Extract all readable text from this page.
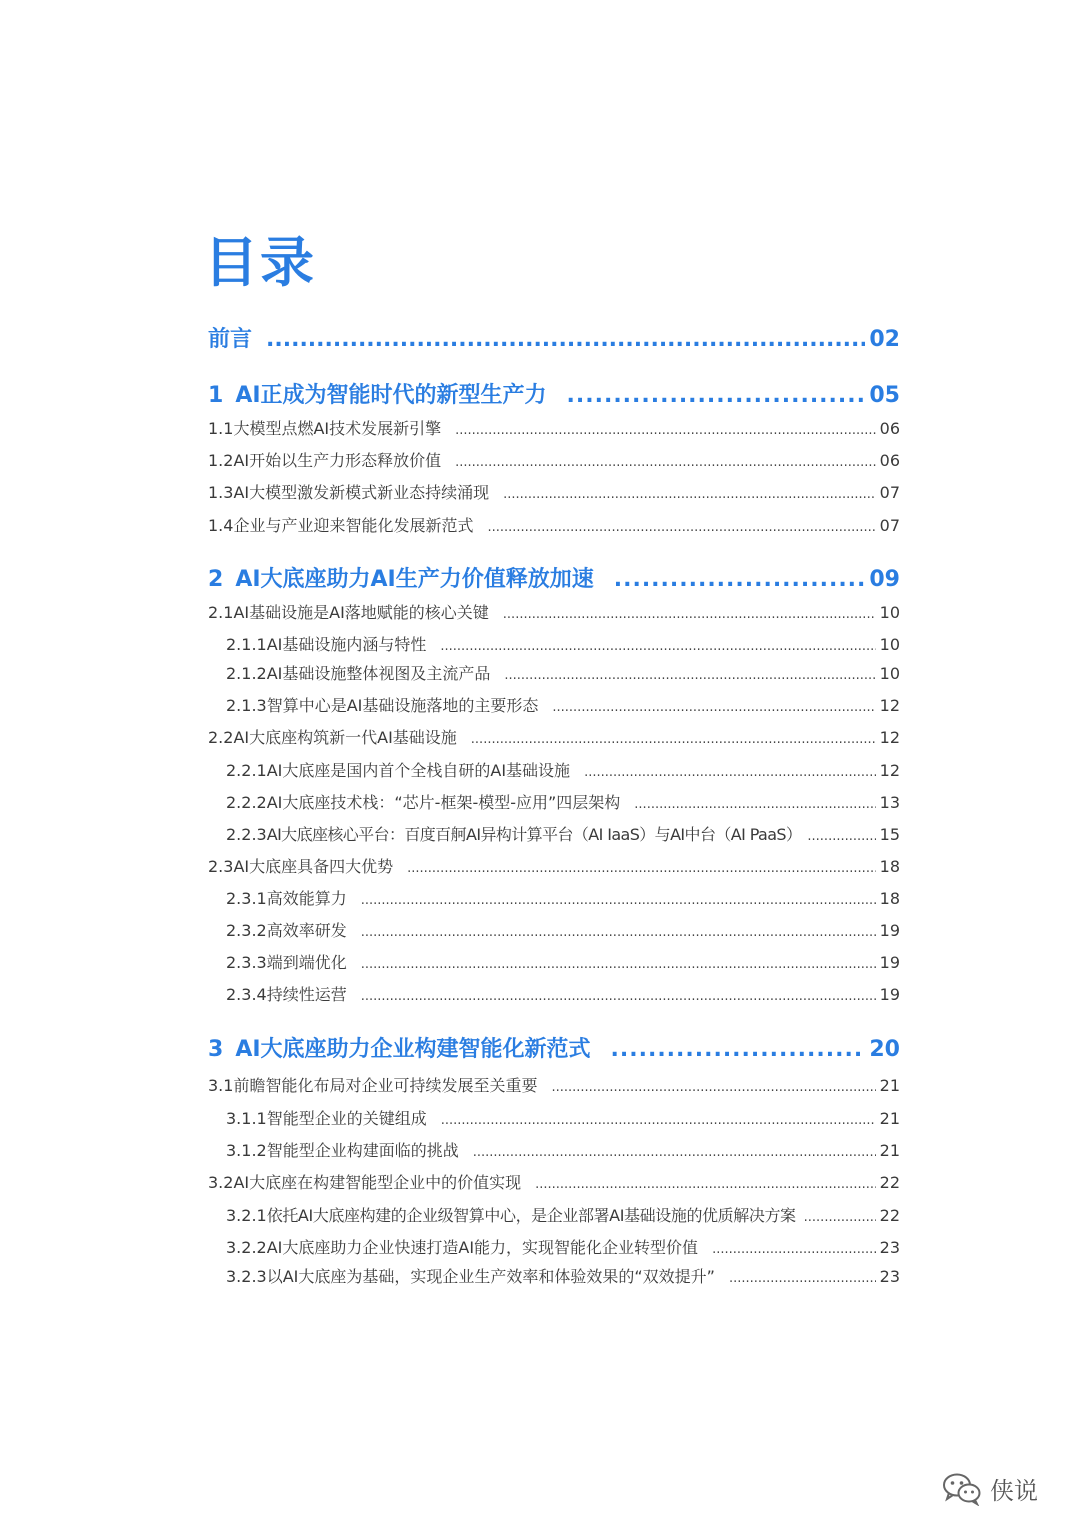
目录
前言 .....	02
1 AI正成为智能时代的新型生产力 .....	05
1.1 大模型点燃AI技术发展新引擎 .....	06
1.2 AI开始以生产力形态释放价值 .....	06
1.3 AI大模型激发新模式新业态持续涌现 .....	07
1.4 企业与产业迎来智能化发展新范式 .....	07
2 AI大底座助力AI生产力价值释放加速 .....	09
2.1 AI基础设施是AI落地赋能的核心关键 .....	10
2.1.1 AI基础设施内涵与特性 .....	10
2.1.2 AI基础设施整体视图及主流产品 .....	10
2.1.3 智算中心是AI基础设施落地的主要形态 .....	12
2.2 AI大底座构筑新一代AI基础设施 .....	12
2.2.1 AI大底座是国内首个全栈自研的AI基础设施 .....	12
2.2.2 AI大底座技术栈：“芯片-框架-模型-应用”四层架构 .....	13
2.2.3 AI大底座核心平台：百度百舸AI异构计算平台（AI IaaS）与AI中台（AI PaaS） .....	15
2.3 AI大底座具备四大优势 .....	18
2.3.1 高效能算力 .....	18
2.3.2 高效率研发 .....	19
2.3.3 端到端优化 .....	19
2.3.4 持续性运营 .....	19
3 AI大底座助力企业构建智能化新范式 .....	20
3.1 前瞻智能化布局对企业可持续发展至关重要 .....	21
3.1.1 智能型企业的关键组成 .....	21
3.1.2 智能型企业构建面临的挑战 .....	21
3.2 AI大底座在构建智能型企业中的价值实现 .....	22
3.2.1 依托AI大底座构建的企业级智算中心，是企业部署AI基础设施的优质解决方案 .....	22
3.2.2 AI大底座助力企业快速打造AI能力，实现智能化企业转型价值 .....	23
3.2.3 以AI大底座为基础，实现企业生产效率和体验效果的“双效提升” .....	23
侠说
